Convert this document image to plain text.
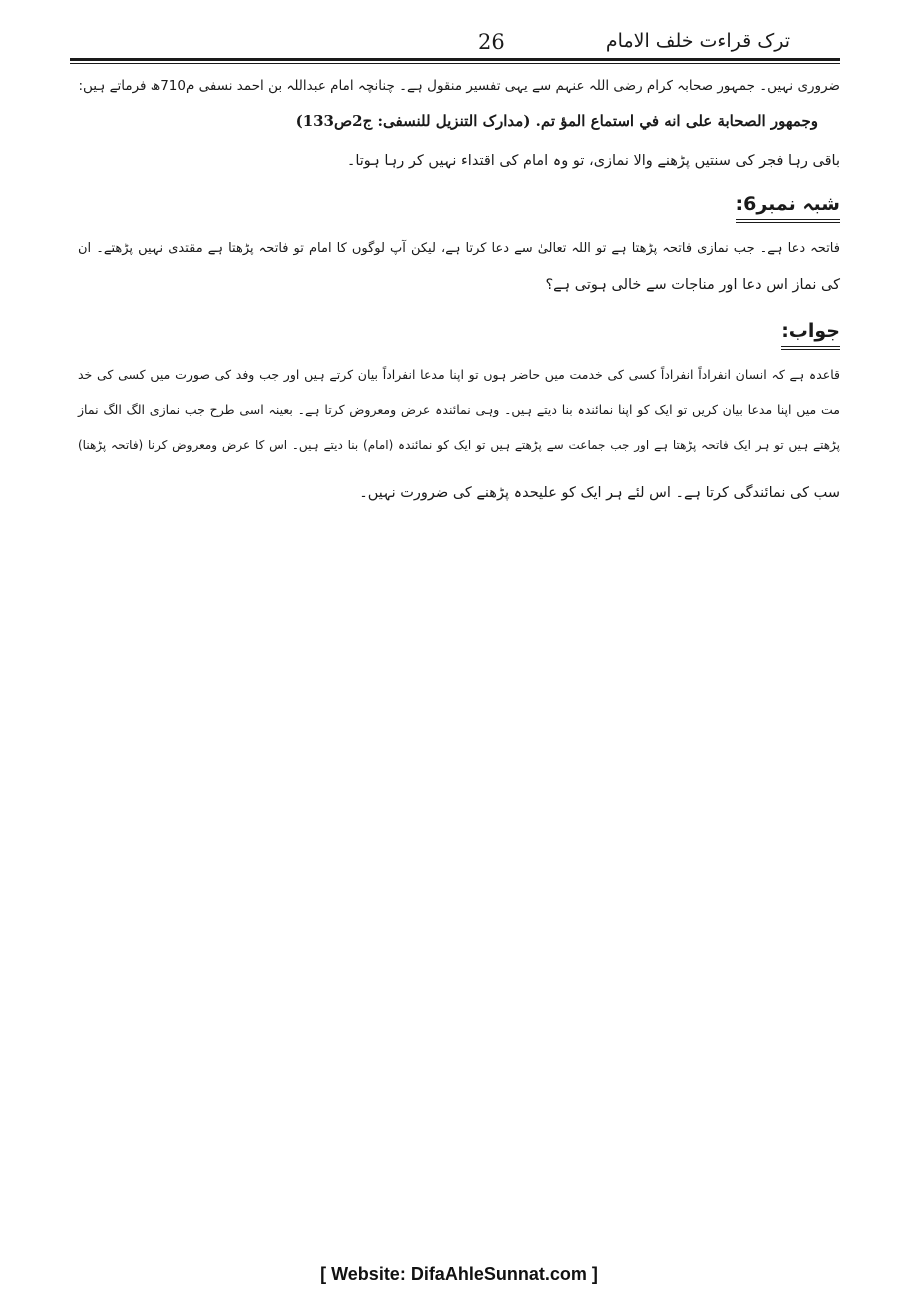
ترک قراءت خلف الامام
26
ضروری نہیں۔ جمہور صحابہ کرام رضی اللہ عنہم سے یہی تفسیر منقول ہے۔ چنانچہ امام عبداللہ بن احمد نسفی م710ھ فرماتے ہیں:
وجمهور الصحابة على انه في استماع المؤ تم. (مدارک التنزیل للنسفی: ج2ص133)
باقی رہا فجر کی سنتیں پڑھنے والا نمازی، تو وہ امام کی اقتداء نہیں کر رہا ہوتا۔
شبہ نمبر6:
فاتحہ دعا ہے۔ جب نمازی فاتحہ پڑھتا ہے تو اللہ تعالیٰ سے دعا کرتا ہے، لیکن آپ لوگوں کا امام تو فاتحہ پڑھتا ہے مقتدی نہیں پڑھتے۔ ان
کی نماز اس دعا اور مناجات سے خالی ہوتی ہے؟
جواب:
قاعدہ ہے کہ انسان انفراداً انفراداً کسی کی خدمت میں حاضر ہوں تو اپنا مدعا انفراداً بیان کرتے ہیں اور جب وفد کی صورت میں کسی کی خد
مت میں اپنا مدعا بیان کریں تو ایک کو اپنا نمائندہ بنا دیتے ہیں۔ وہی نمائندہ عرض ومعروض کرتا ہے۔ بعینہ اسی طرح جب نمازی الگ الگ نماز
پڑھتے ہیں تو ہر ایک فاتحہ پڑھتا ہے اور جب جماعت سے پڑھتے ہیں تو ایک کو نمائندہ (امام) بنا دیتے ہیں۔ اس کا عرض ومعروض کرنا (فاتحہ پڑھنا)
سب کی نمائندگی کرتا ہے۔ اس لئے ہر ایک کو علیحدہ پڑھنے کی ضرورت نہیں۔
[ Website: DifaAhleSunnat.com ]
